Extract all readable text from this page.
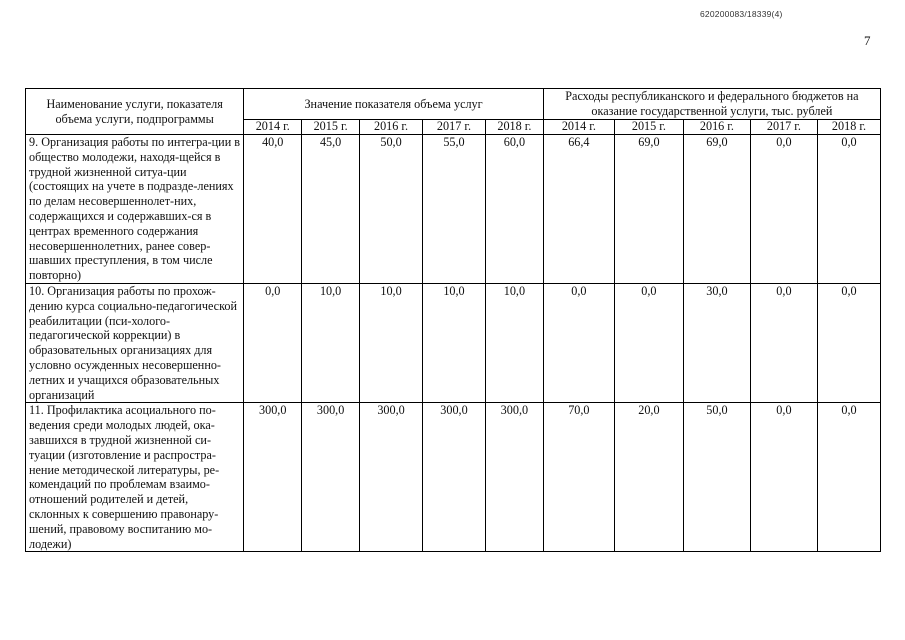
620200083/18339(4)
7
Наименование услуги, показателя объема услуги, подпрограммы	Значение показателя объема услуг					Расходы республиканского и федерального бюджетов на оказание государственной услуги, тыс. рублей				
	2014 г.	2015 г.	2016 г.	2017 г.	2018 г.	2014 г.	2015 г.	2016 г.	2017 г.	2018 г.
9. Организация работы по интегра-ции в общество молодежи, находя-щейся в трудной жизненной ситуа-ции (состоящих на учете в подразде-лениях по делам несовершеннолет-них, содержащихся и содержавших-ся в центрах временного содержания несовершеннолетних, ранее совер-шавших преступления, в том числе повторно)	40,0	45,0	50,0	55,0	60,0	66,4	69,0	69,0	0,0	0,0
10. Организация работы по прохож-дению курса социально-педагогической реабилитации (пси-холого-педагогической коррекции) в образовательных организациях для условно осужденных несовершенно-летних и учащихся образовательных организаций	0,0	10,0	10,0	10,0	10,0	0,0	0,0	30,0	0,0	0,0
11. Профилактика асоциального по-ведения среди молодых людей, ока-завшихся в трудной жизненной си-туации (изготовление и распростра-нение методической литературы, ре-комендаций по проблемам взаимо-отношений родителей и детей, склонных к совершению правонару-шений, правовому воспитанию мо-лодежи)	300,0	300,0	300,0	300,0	300,0	70,0	20,0	50,0	0,0	0,0
